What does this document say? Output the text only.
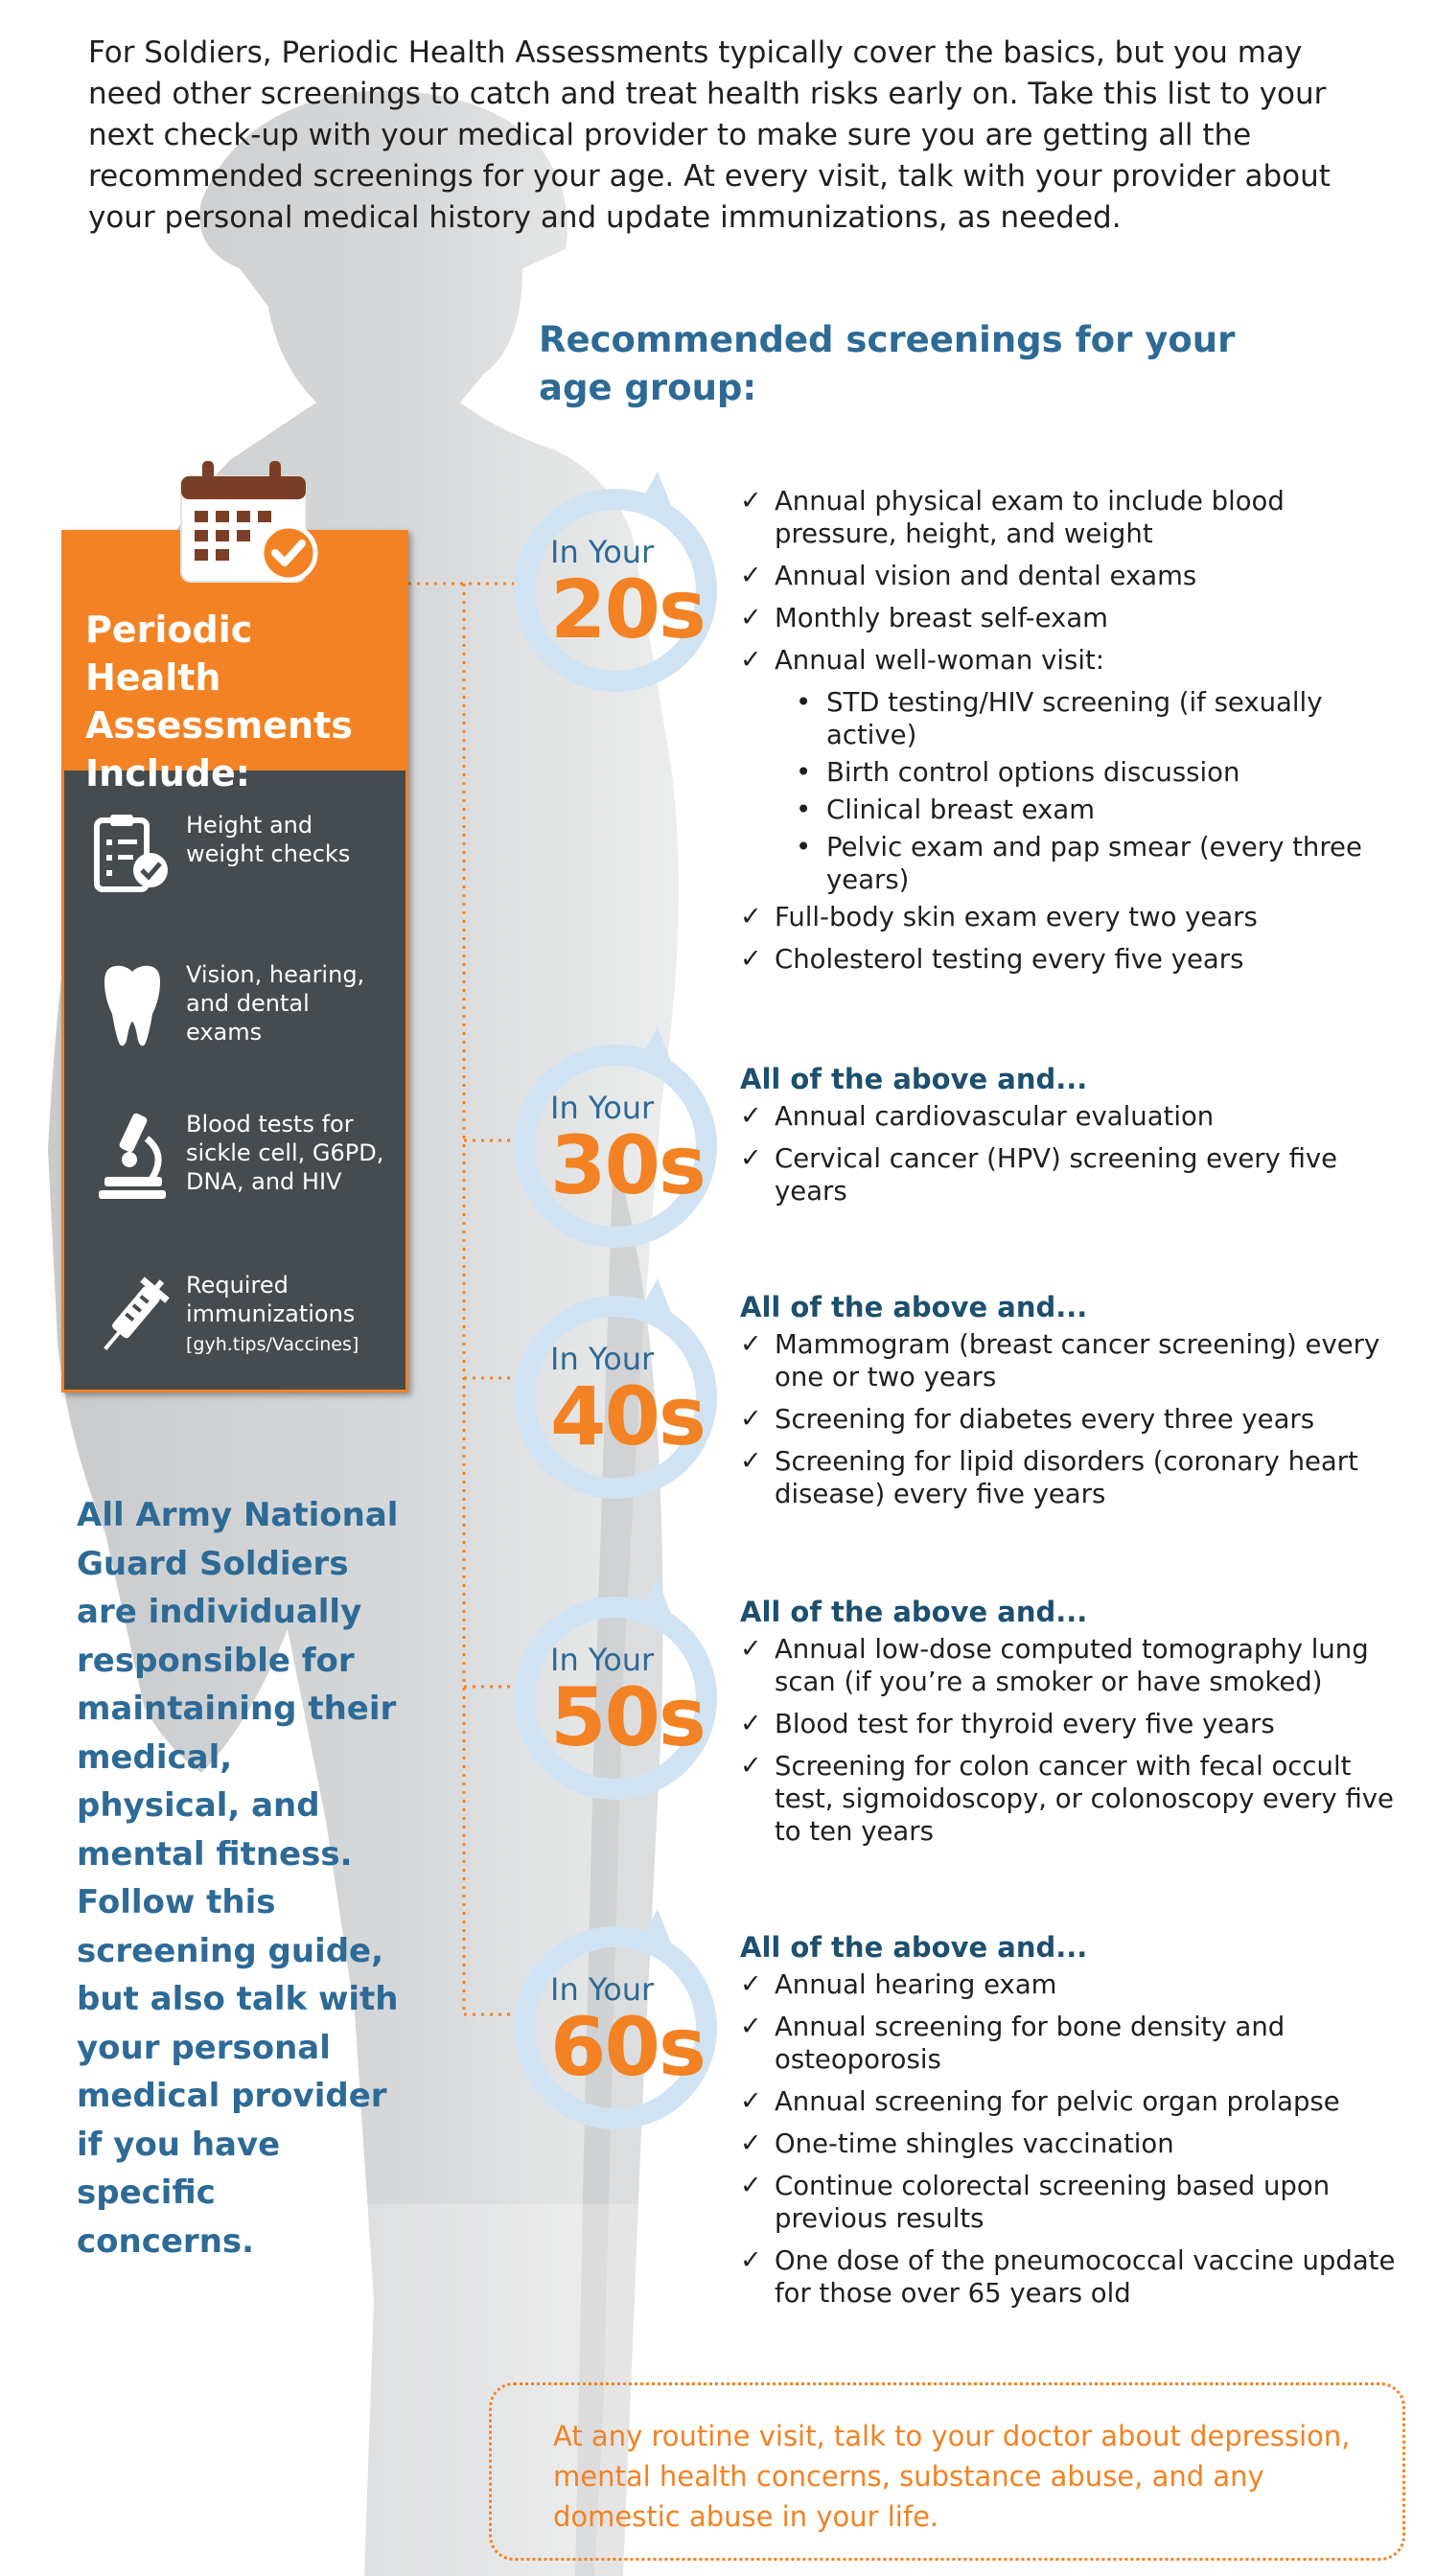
For Soldiers, Periodic Health Assessments typically cover the basics, but you may need other screenings to catch and treat health risks early on. Take this list to your next check-up with your medical provider to make sure you are getting all the recommended screenings for your age. At every visit, talk with your provider about your personal medical history and update immunizations, as needed.
Recommended screenings for your age group:
Periodic Health Assessments Include:
Height and weight checks
Vision, hearing, and dental exams
Blood tests for sickle cell, G6PD, DNA, and HIV
Required immunizations
[gyh.tips/Vaccines]
All Army National Guard Soldiers are individually responsible for maintaining their medical, physical, and mental fitness. Follow this screening guide, but also talk with your personal medical provider if you have specific concerns.
In Your
20s
In Your
30s
In Your
40s
In Your
50s
In Your
60s
✓ Annual physical exam to include blood pressure, height, and weight
✓ Annual vision and dental exams
✓ Monthly breast self-exam
✓ Annual well-woman visit:
• STD testing/HIV screening (if sexually active)
• Birth control options discussion
• Clinical breast exam
• Pelvic exam and pap smear (every three years)
✓ Full-body skin exam every two years
✓ Cholesterol testing every five years
All of the above and...
✓ Annual cardiovascular evaluation
✓ Cervical cancer (HPV) screening every five years
All of the above and...
✓ Mammogram (breast cancer screening) every one or two years
✓ Screening for diabetes every three years
✓ Screening for lipid disorders (coronary heart disease) every five years
All of the above and...
✓ Annual low-dose computed tomography lung scan (if you’re a smoker or have smoked)
✓ Blood test for thyroid every five years
✓ Screening for colon cancer with fecal occult test, sigmoidoscopy, or colonoscopy every five to ten years
All of the above and...
✓ Annual hearing exam
✓ Annual screening for bone density and osteoporosis
✓ Annual screening for pelvic organ prolapse
✓ One-time shingles vaccination
✓ Continue colorectal screening based upon previous results
✓ One dose of the pneumococcal vaccine update for those over 65 years old
At any routine visit, talk to your doctor about depression, mental health concerns, substance abuse, and any domestic abuse in your life.
